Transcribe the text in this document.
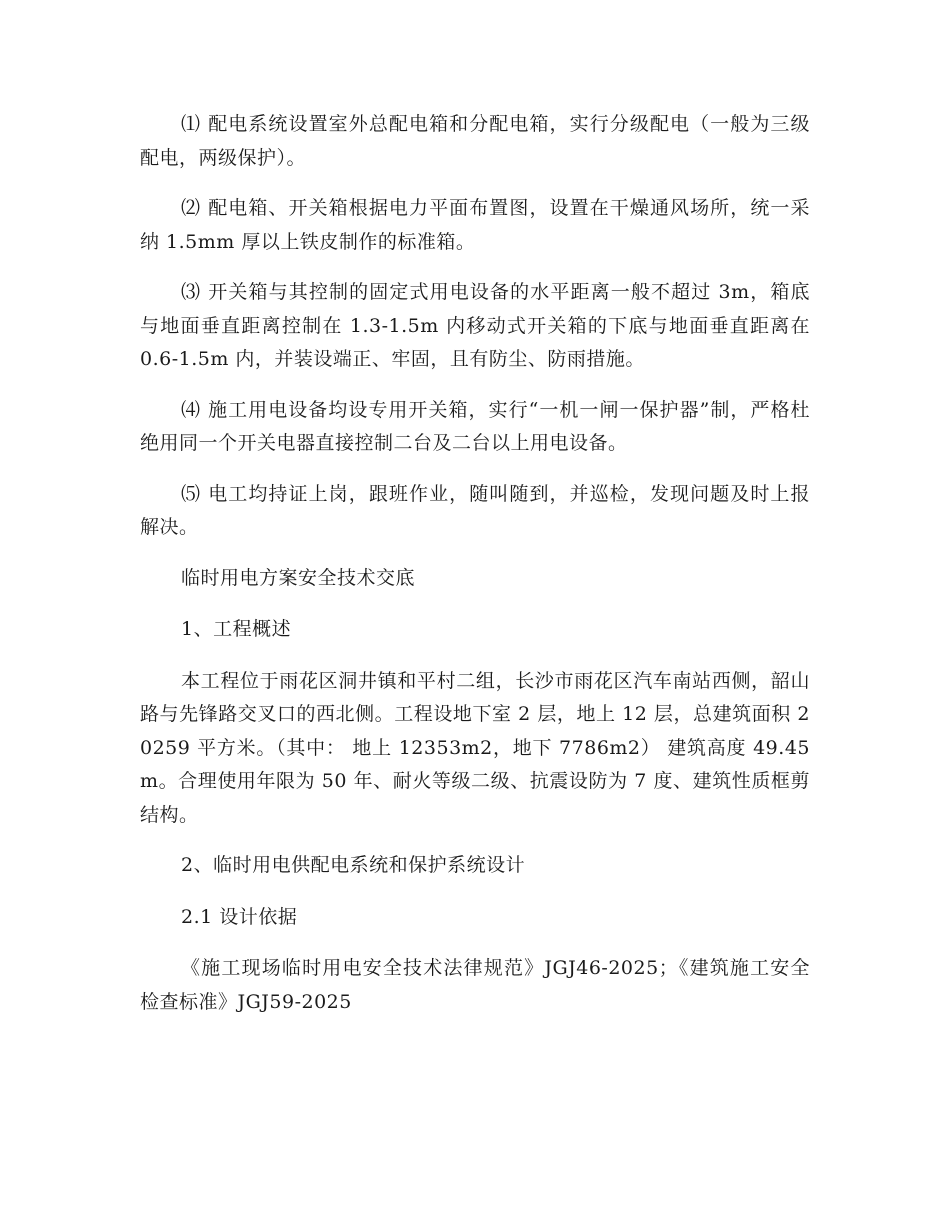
⑴ 配电系统设置室外总配电箱和分配电箱，实行分级配电（一般为三级配电，两级保护）。

⑵ 配电箱、开关箱根据电力平面布置图，设置在干燥通风场所，统一采纳 1.5mm 厚以上铁皮制作的标准箱。

⑶ 开关箱与其控制的固定式用电设备的水平距离一般不超过 3m，箱底与地面垂直距离控制在 1.3-1.5m 内移动式开关箱的下底与地面垂直距离在 0.6-1.5m 内，并装设端正、牢固，且有防尘、防雨措施。

⑷ 施工用电设备均设专用开关箱，实行“一机一闸一保护器”制，严格杜绝用同一个开关电器直接控制二台及二台以上用电设备。

⑸ 电工均持证上岗，跟班作业，随叫随到，并巡检，发现问题及时上报解决。

临时用电方案安全技术交底

1、工程概述

本工程位于雨花区洞井镇和平村二组，长沙市雨花区汽车南站西侧，韶山路与先锋路交叉口的西北侧。工程设地下室 2 层，地上 12 层，总建筑面积 20259 平方米。（其中： 地上 12353m2，地下 7786m2） 建筑高度 49.45m。合理使用年限为 50 年、耐火等级二级、抗震设防为 7 度、建筑性质框剪结构。

2、临时用电供配电系统和保护系统设计

2.1 设计依据

《施工现场临时用电安全技术法律规范》JGJ46-2025；《建筑施工安全检查标准》JGJ59-2025
